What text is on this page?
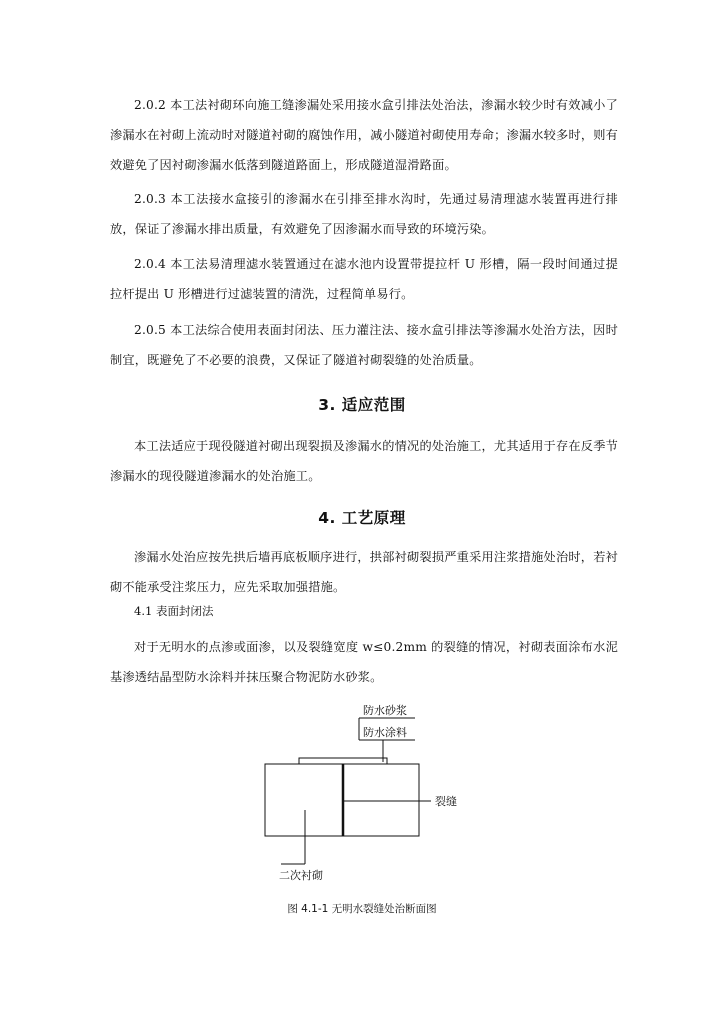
2.0.2 本工法衬砌环向施工缝渗漏处采用接水盒引排法处治法，渗漏水较少时有效减小了渗漏水在衬砌上流动时对隧道衬砌的腐蚀作用，减小隧道衬砌使用寿命；渗漏水较多时，则有效避免了因衬砌渗漏水低落到隧道路面上，形成隧道湿滑路面。

2.0.3 本工法接水盒接引的渗漏水在引排至排水沟时，先通过易清理滤水装置再进行排放，保证了渗漏水排出质量，有效避免了因渗漏水而导致的环境污染。

2.0.4 本工法易清理滤水装置通过在滤水池内设置带提拉杆 U 形槽，隔一段时间通过提拉杆提出 U 形槽进行过滤装置的清洗，过程简单易行。

2.0.5 本工法综合使用表面封闭法、压力灌注法、接水盒引排法等渗漏水处治方法，因时制宜，既避免了不必要的浪费，又保证了隧道衬砌裂缝的处治质量。

3. 适应范围

本工法适应于现役隧道衬砌出现裂损及渗漏水的情况的处治施工，尤其适用于存在反季节渗漏水的现役隧道渗漏水的处治施工。

4. 工艺原理

渗漏水处治应按先拱后墙再底板顺序进行，拱部衬砌裂损严重采用注浆措施处治时，若衬砌不能承受注浆压力，应先采取加强措施。

4.1 表面封闭法

对于无明水的点渗或面渗，以及裂缝宽度 w≤0.2mm 的裂缝的情况，衬砌表面涂布水泥基渗透结晶型防水涂料并抹压聚合物泥防水砂浆。

防水砂浆
防水涂料
裂缝
二次衬砌

图 4.1-1 无明水裂缝处治断面图
